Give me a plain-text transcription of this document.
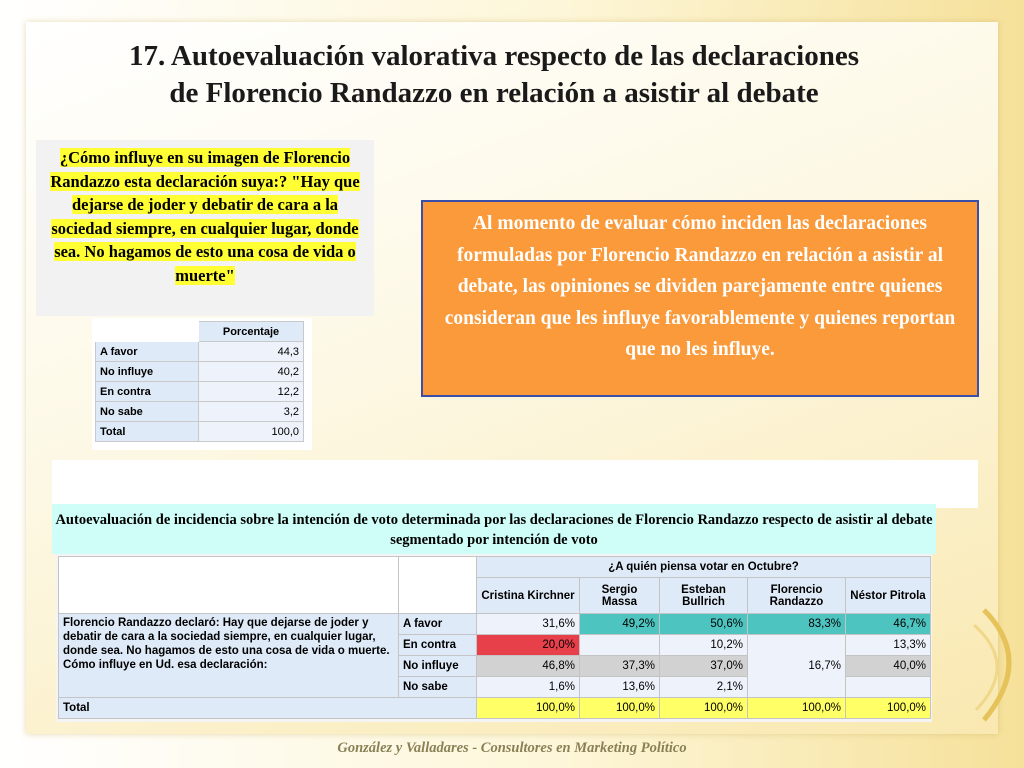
17. Autoevaluación valorativa respecto de las declaraciones
de Florencio Randazzo en relación a asistir al debate
¿Cómo influye en su imagen de Florencio Randazzo esta declaración suya:? "Hay que dejarse de joder y debatir de cara a la sociedad siempre, en cualquier lugar, donde sea. No hagamos de esto una cosa de vida o muerte"
	Porcentaje
A favor	44,3
No influye	40,2
En contra	12,2
No sabe	3,2
Total	100,0
Al momento de evaluar cómo inciden las declaraciones formuladas por Florencio Randazzo en relación a asistir al debate, las opiniones se dividen parejamente entre quienes consideran que les influye favorablemente y quienes reportan que no les influye.
Autoevaluación de incidencia sobre la intención de voto determinada por las declaraciones de Florencio Randazzo respecto de asistir al debate segmentado por intención de voto
		¿A quién piensa votar en Octubre?				
		Cristina Kirchner	Sergio Massa	Esteban Bullrich	Florencio Randazzo	Néstor Pitrola
Florencio Randazzo declaró: Hay que dejarse de joder y debatir de cara a la sociedad siempre, en cualquier lugar, donde sea. No hagamos de esto una cosa de vida o muerte. Cómo influye en Ud. esa declaración:	A favor	31,6%	49,2%	50,6%	83,3%	46,7%
	En contra	20,0%		10,2%	16,7%	13,3%
	No influye	46,8%	37,3%	37,0%		40,0%
	No sabe	1,6%	13,6%	2,1%		
Total		100,0%	100,0%	100,0%	100,0%	100,0%
González y Valladares - Consultores en Marketing Político
